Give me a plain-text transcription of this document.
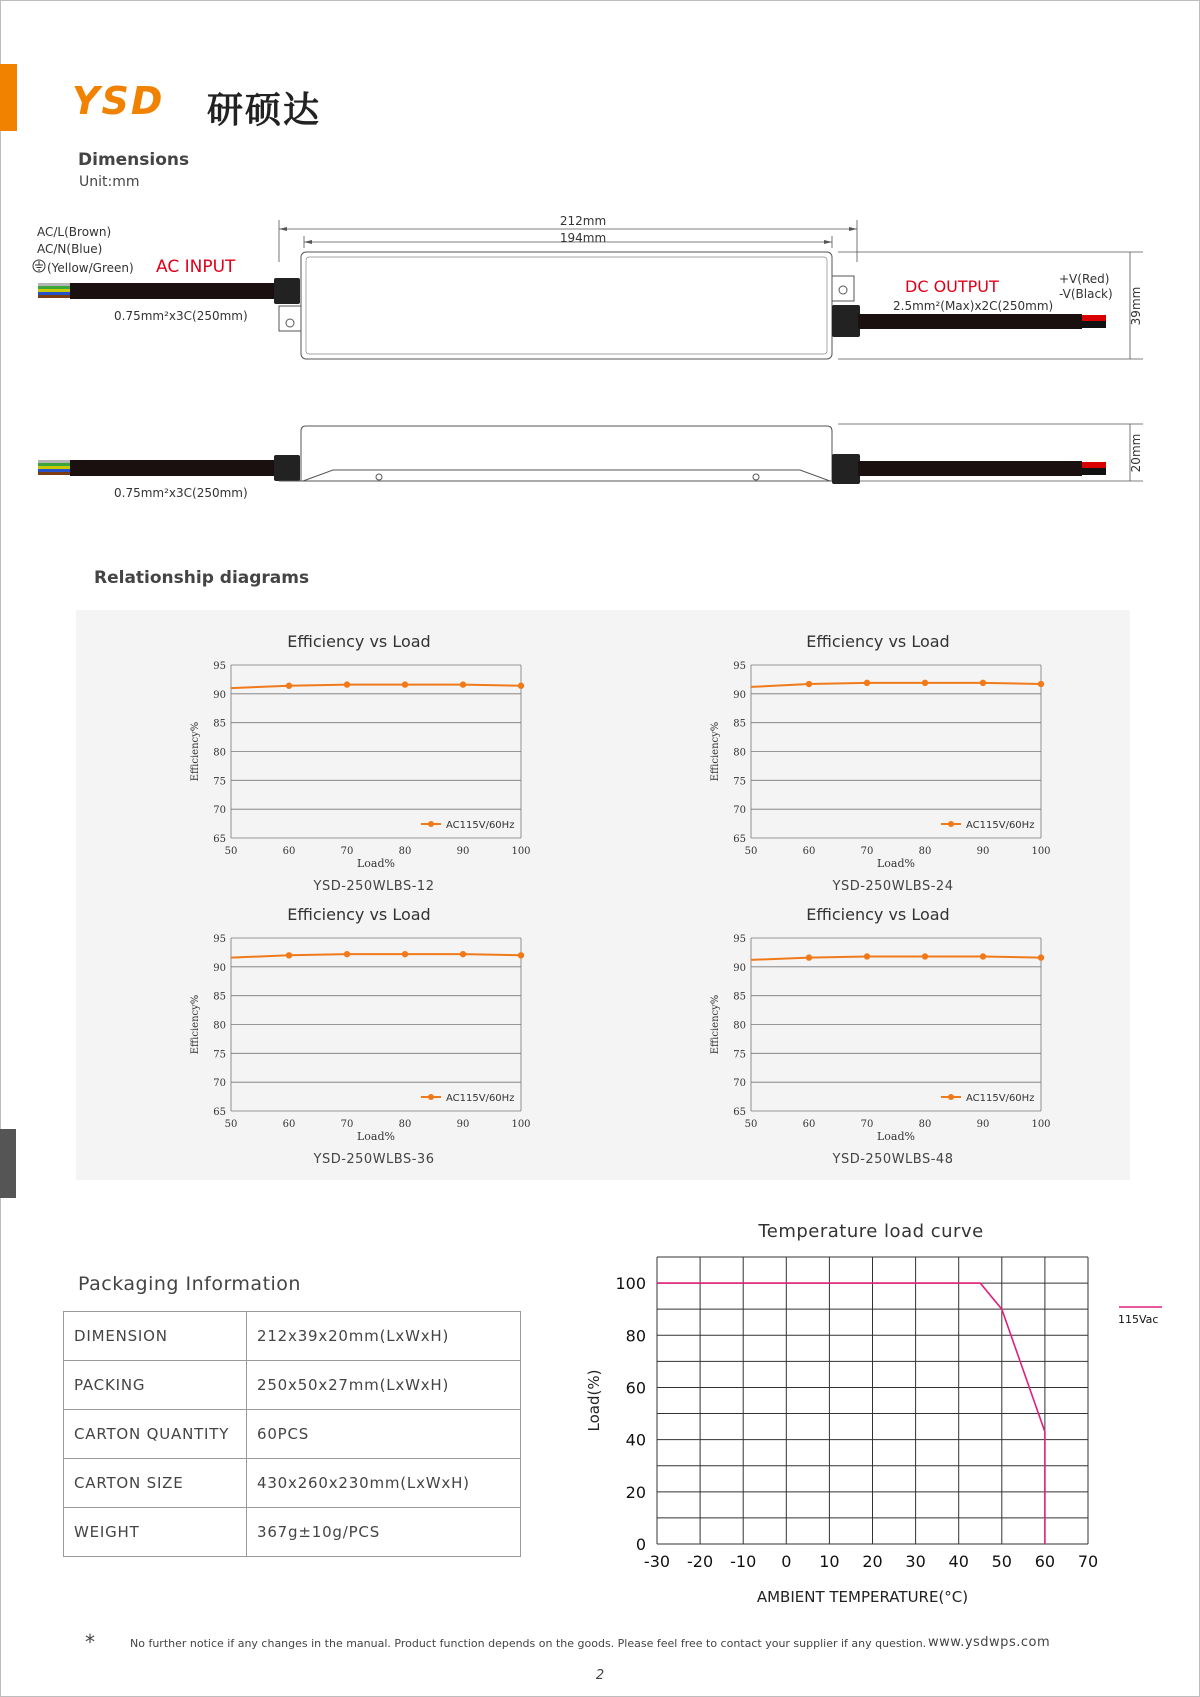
YSD 研硕达
Dimensions
Unit:mm
212mm
194mm
39mm
20mm
AC/L(Brown)
AC/N(Blue)
(Yellow/Green) AC INPUT
0.75mm²x3C(250mm)
DC OUTPUT
2.5mm²(Max)x2C(250mm)
+V(Red)
-V(Black)
0.75mm²x3C(250mm)
Relationship diagrams
Efficiency vs Load	Efficiency vs Load
Efficiency vs Load	Efficiency vs Load
65
70
75
80
85
90
95
50	60	70	80	90	100
Load%
Efficiency%
AC115V/60Hz
65
70
75
80
85
90
95
50	60	70	80	90	100
Load%
Efficiency%
AC115V/60Hz
65
70
75
80
85
90
95
50	60	70	80	90	100
Load%
Efficiency%
AC115V/60Hz
65
70
75
80
85
90
95
50	60	70	80	90	100
Load%
Efficiency%
AC115V/60Hz
YSD-250WLBS-12	YSD-250WLBS-24
YSD-250WLBS-36	YSD-250WLBS-48
Packaging Information
DIMENSION	212x39x20mm(LxWxH)
PACKING	250x50x27mm(LxWxH)
CARTON QUANTITY	60PCS
CARTON SIZE	430x260x230mm(LxWxH)
WEIGHT	367g±10g/PCS
Temperature load curve
0
20
40
60
80
100
-30 -20 -10 0 10 20 30 40 50 60 70
AMBIENT TEMPERATURE(°C)
Load(%)
115Vac
*	No further notice if any changes in the manual. Product function depends on the goods. Please feel free to contact your supplier if any question. www.ysdwps.com
2
